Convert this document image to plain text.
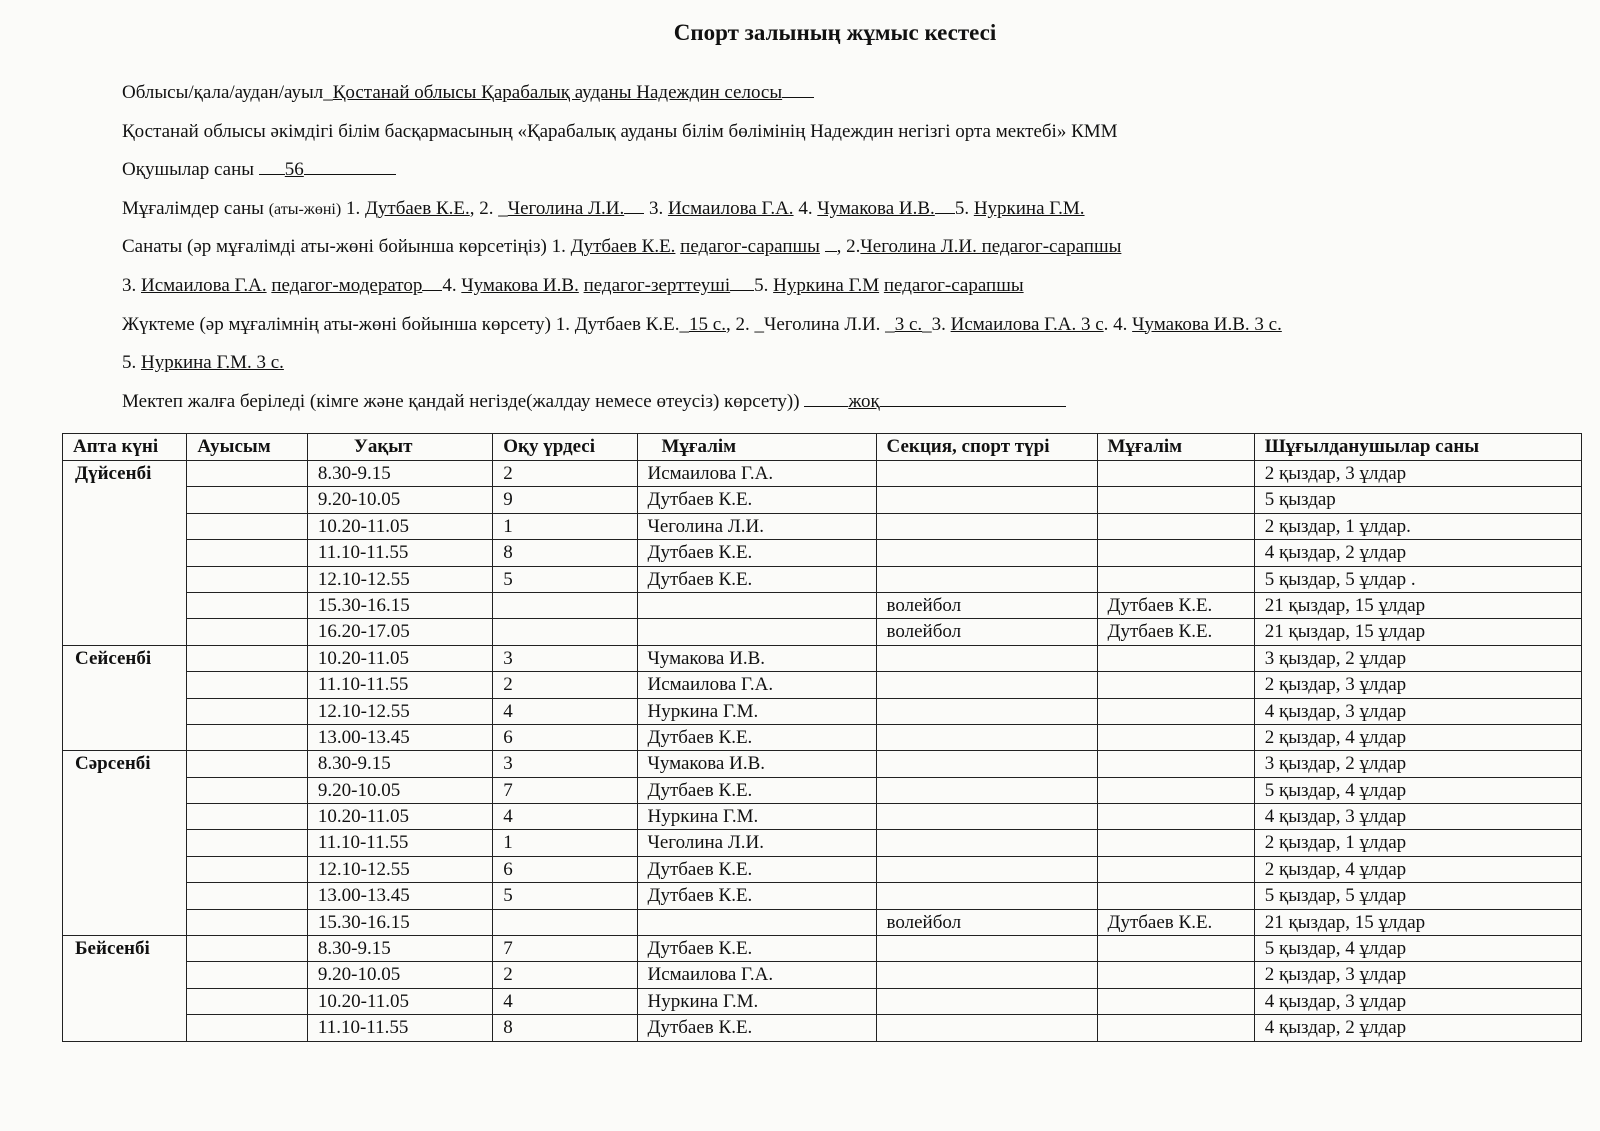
Спорт залының жұмыс кестесі
Облысы/қала/аудан/ауыл_Қостанай облысы Қарабалық ауданы Надеждин селосы
Қостанай облысы әкімдігі білім басқармасының «Қарабалық ауданы білім бөлімінің Надеждин негізгі орта мектебі» КММ
Оқушылар саны 56
Мұғалімдер саны (аты-жөні) 1. Дутбаев К.Е., 2. _Чеголина Л.И. 3. Исмаилова Г.А. 4. Чумакова И.В. 5. Нуркина Г.М.
Санаты (әр мұғалімді аты-жөні бойынша көрсетіңіз) 1. Дутбаев К.Е. педагог-сарапшы , 2.Чеголина Л.И. педагог-сарапшы
3. Исмаилова Г.А. педагог-модератор 4. Чумакова И.В. педагог-зерттеуші 5. Нуркина Г.М педагог-сарапшы
Жүктеме (әр мұғалімнің аты-жөні бойынша көрсету) 1. Дутбаев К.Е._15 с., 2. _Чеголина Л.И. _3 с._3. Исмаилова Г.А. 3 с. 4. Чумакова И.В. 3 с.
5. Нуркина Г.М. 3 с.
Мектеп жалға беріледі (кімге және қандай негізде(жалдау немесе өтеусіз) көрсету))	жоқ
Апта күні	Ауысым	Уақыт	Оқу үрдесі	Мұғалім	Секция, спорт түрі	Мұғалім	Шұғылданушылар саны
Дүйсенбі		8.30-9.15	2	Исмаилова Г.А.			2 қыздар, 3 ұлдар
		9.20-10.05	9	Дутбаев К.Е.			5 қыздар
		10.20-11.05	1	Чеголина Л.И.			2 қыздар, 1 ұлдар.
		11.10-11.55	8	Дутбаев К.Е.			4 қыздар, 2 ұлдар
		12.10-12.55	5	Дутбаев К.Е.			5 қыздар, 5 ұлдар .
		15.30-16.15			волейбол	Дутбаев К.Е.	21 қыздар, 15 ұлдар
		16.20-17.05			волейбол	Дутбаев К.Е.	21 қыздар, 15 ұлдар
Сейсенбі		10.20-11.05	3	Чумакова И.В.			3 қыздар, 2 ұлдар
		11.10-11.55	2	Исмаилова Г.А.			2 қыздар, 3 ұлдар
		12.10-12.55	4	Нуркина Г.М.			4 қыздар, 3 ұлдар
		13.00-13.45	6	Дутбаев К.Е.			2 қыздар, 4 ұлдар
Сәрсенбі		8.30-9.15	3	Чумакова И.В.			3 қыздар, 2 ұлдар
		9.20-10.05	7	Дутбаев К.Е.			5 қыздар, 4 ұлдар
		10.20-11.05	4	Нуркина Г.М.			4 қыздар, 3 ұлдар
		11.10-11.55	1	Чеголина Л.И.			2 қыздар, 1 ұлдар
		12.10-12.55	6	Дутбаев К.Е.			2 қыздар, 4 ұлдар
		13.00-13.45	5	Дутбаев К.Е.			5 қыздар, 5 ұлдар
		15.30-16.15			волейбол	Дутбаев К.Е.	21 қыздар, 15 ұлдар
Бейсенбі		8.30-9.15	7	Дутбаев К.Е.			5 қыздар, 4 ұлдар
		9.20-10.05	2	Исмаилова Г.А.			2 қыздар, 3 ұлдар
		10.20-11.05	4	Нуркина Г.М.			4 қыздар, 3 ұлдар
		11.10-11.55	8	Дутбаев К.Е.			4 қыздар, 2 ұлдар
